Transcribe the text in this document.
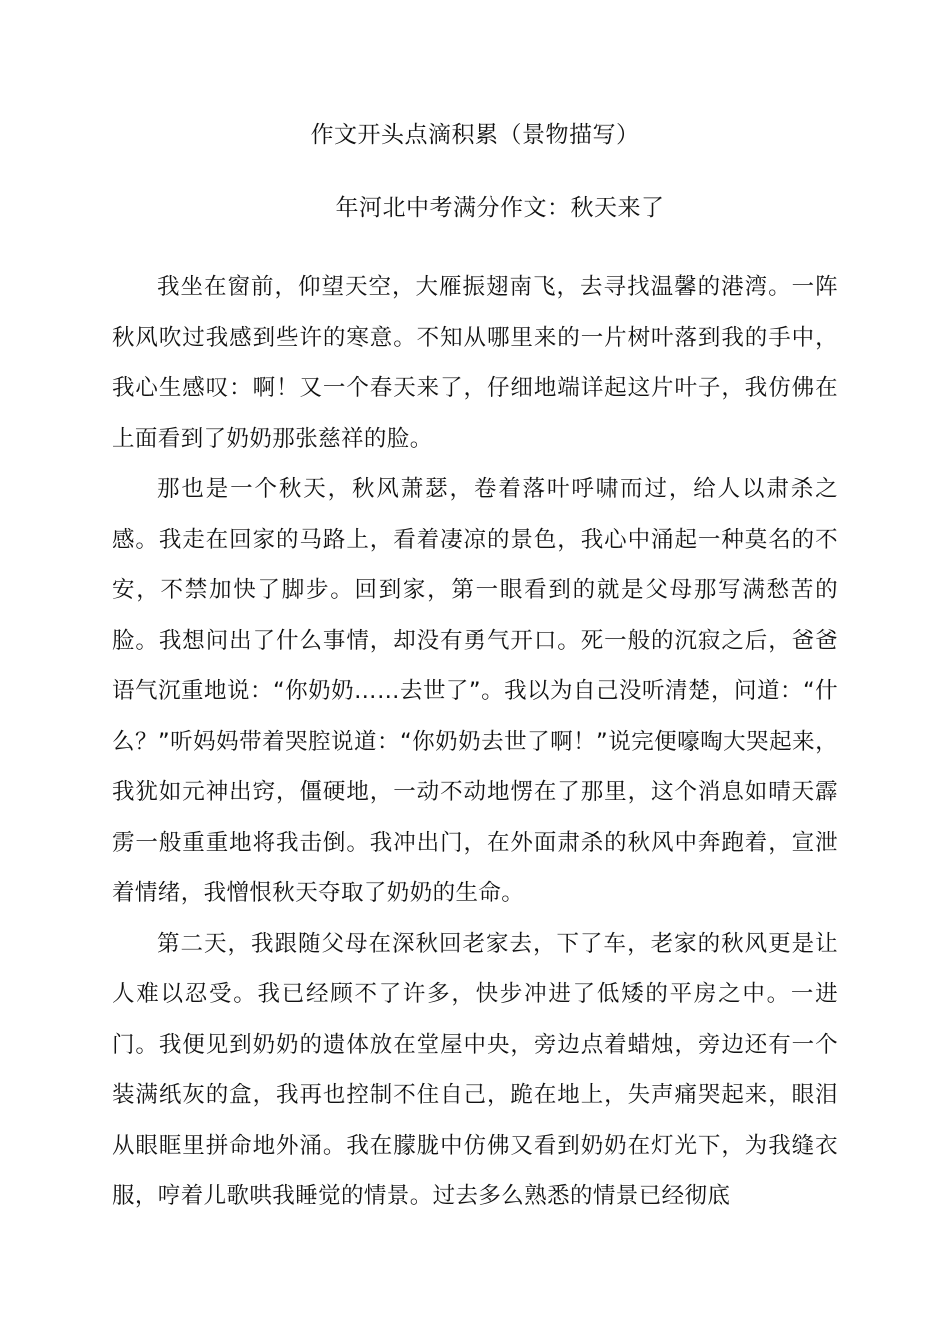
作文开头点滴积累（景物描写）
年河北中考满分作文：秋天来了

我坐在窗前，仰望天空，大雁振翅南飞，去寻找温馨的港湾。一阵秋风吹过我感到些许的寒意。不知从哪里来的一片树叶落到我的手中，我心生感叹：啊！又一个春天来了，仔细地端详起这片叶子，我仿佛在上面看到了奶奶那张慈祥的脸。

那也是一个秋天，秋风萧瑟，卷着落叶呼啸而过，给人以肃杀之感。我走在回家的马路上，看着凄凉的景色，我心中涌起一种莫名的不安，不禁加快了脚步。回到家，第一眼看到的就是父母那写满愁苦的脸。我想问出了什么事情，却没有勇气开口。死一般的沉寂之后，爸爸语气沉重地说：“你奶奶……去世了”。我以为自己没听清楚，问道：“什么？”听妈妈带着哭腔说道：“你奶奶去世了啊！”说完便嚎啕大哭起来，我犹如元神出窍，僵硬地，一动不动地愣在了那里，这个消息如晴天霹雳一般重重地将我击倒。我冲出门，在外面肃杀的秋风中奔跑着，宣泄着情绪，我憎恨秋天夺取了奶奶的生命。

第二天，我跟随父母在深秋回老家去，下了车，老家的秋风更是让人难以忍受。我已经顾不了许多，快步冲进了低矮的平房之中。一进门。我便见到奶奶的遗体放在堂屋中央，旁边点着蜡烛，旁边还有一个装满纸灰的盒，我再也控制不住自己，跪在地上，失声痛哭起来，眼泪从眼眶里拼命地外涌。我在朦胧中仿佛又看到奶奶在灯光下，为我缝衣服，哼着儿歌哄我睡觉的情景。过去多么熟悉的情景已经彻底
